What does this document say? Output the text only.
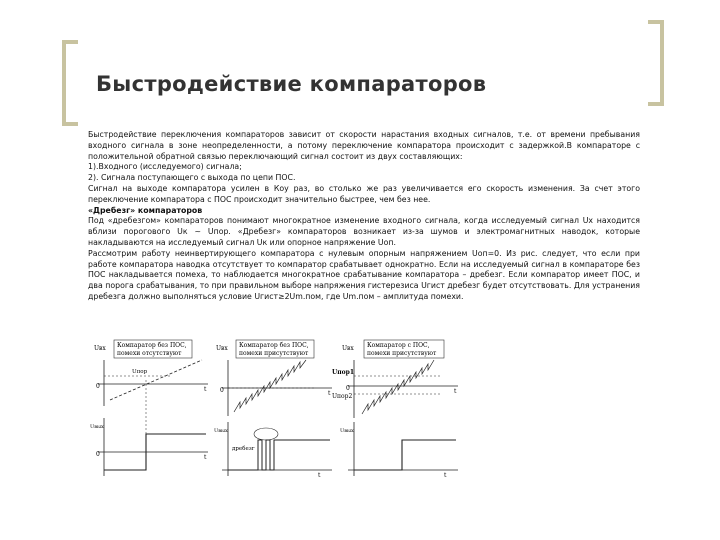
Быстродействие компараторов

Быстродействие переключения компараторов зависит от скорости нарастания входных сигналов, т.е. от времени пребывания входного сигнала в зоне неопределенности, а потому переключение компаратора происходит с задержкой.В компараторе с положительной обратной связью переключающий сигнал состоит из двух составляющих:

1).Входного (исследуемого) сигнала;

2). Сигнала поступающего с выхода по цепи ПОС.

Сигнал на выходе компаратора усилен в Коу раз, во столько же раз увеличивается его скорость изменения. За счет этого переключение компаратора с ПОС происходит значительно быстрее, чем без нее.

«Дребезг» компараторов

Под «дребезгом» компараторов понимают многократное изменение входного сигнала, когда исследуемый сигнал Uх находится вблизи порогового Uк ~ Uпор. «Дребезг» компараторов возникает из-за шумов и электромагнитных наводок, которые накладываются на исследуемый сигнал Uк или опорное напряжение Uоп.

Рассмотрим работу неинвертирующего компаратора с нулевым опорным напряжением Uоп=0. Из рис. следует, что если при работе компаратора наводка отсутствует то компаратор срабатывает однократно. Если на исследуемый сигнал в компараторе без ПОС накладывается помеха, то наблюдается многократное срабатывание компаратора – дребезг. Если компаратор имеет ПОС, и два порога срабатывания, то при правильном выборе напряжения гистерезиса Uгист дребезг будет отсутствовать. Для устранения дребезга должно выполняться условие Uгист≥2Um.пом, где Um.пом – амплитуда помехи.

Uвх Компаратор без ПОС,
помехи отсутствуют
Uпор
0	t
Uвых
0	t
Uвх Компаратор без ПОС,
помехи присутствуют
0	t
Uвых
дребезг
t
Uвх Компаратор с ПОС,
помехи присутствуют
Uпор1
Uпор2
0	t
Uвых
t
